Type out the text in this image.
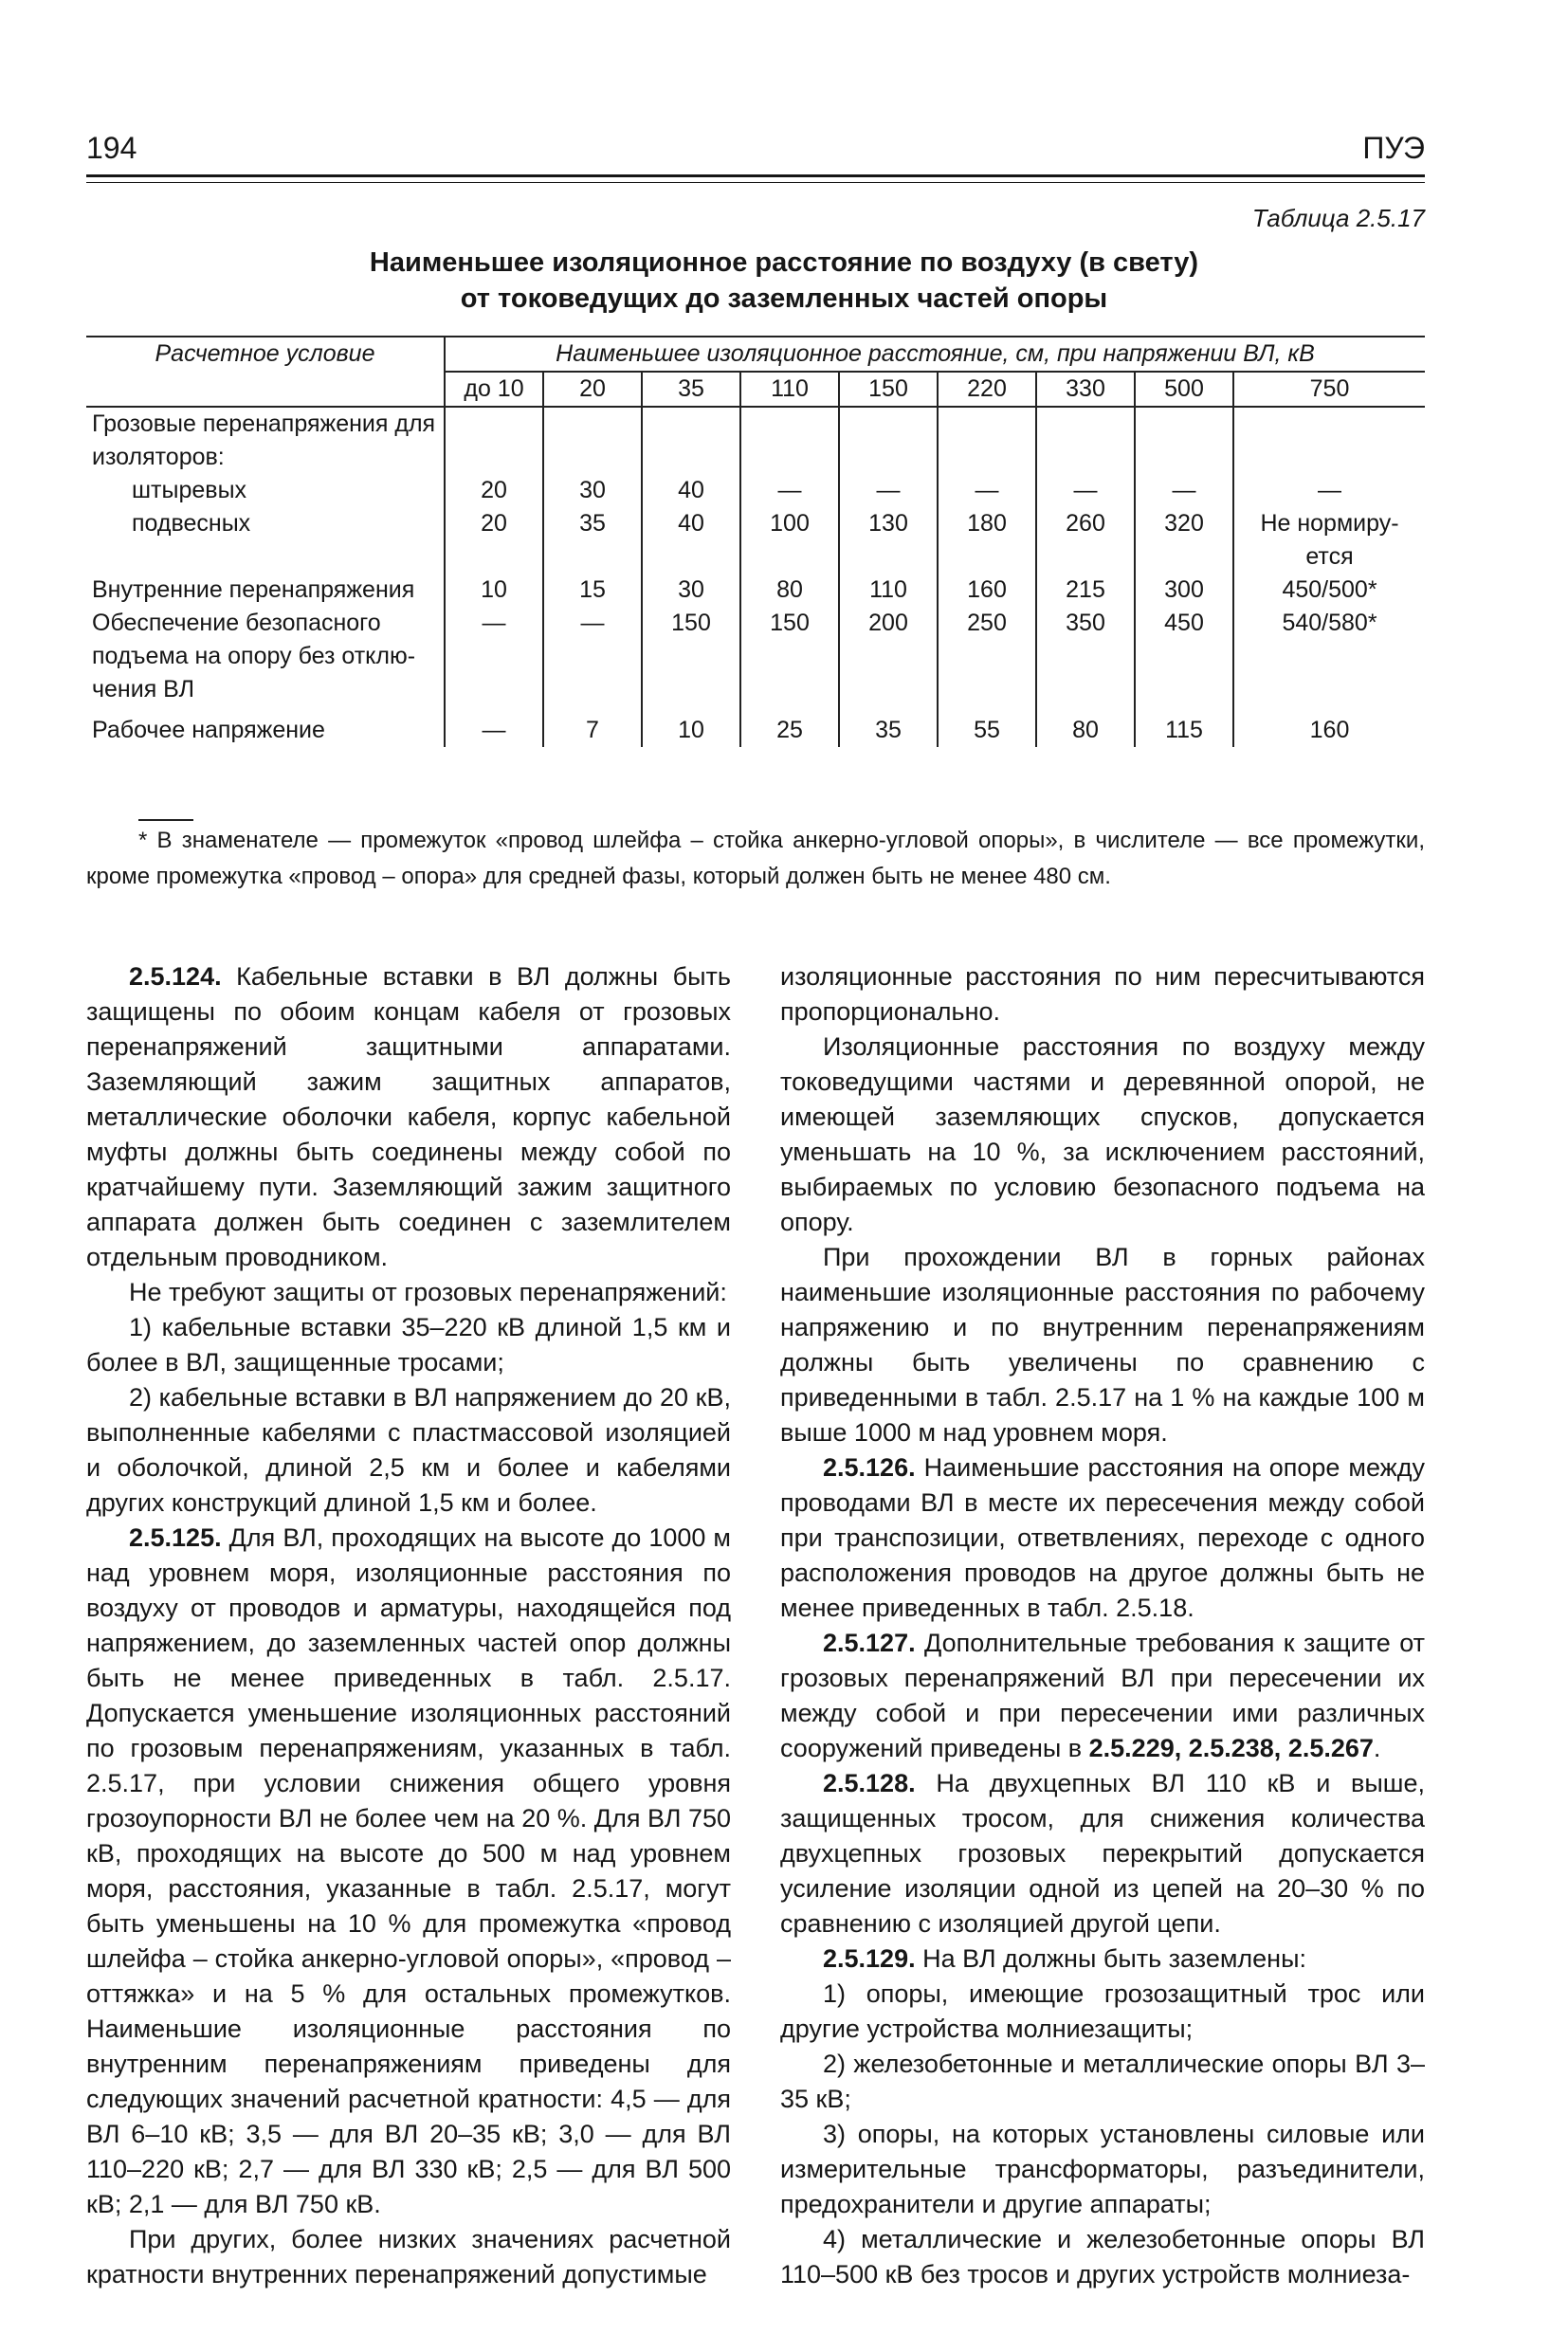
194	ПУЭ
Таблица 2.5.17
Наименьшее изоляционное расстояние по воздуху (в свету)
от токоведущих до заземленных частей опоры
Расчетное условие	Наименьшее изоляционное расстояние, см, при напряжении ВЛ, кВ								
	до 10	20	35	110	150	220	330	500	750
Грозовые перенапряжения для изоляторов:									
штыревых	20	30	40	—	—	—	—	—	—
подвесных	20	35	40	100	130	180	260	320	Не нормиру-ется
Внутренние перенапряжения	10	15	30	80	110	160	215	300	450/500*
Обеспечение безопасного подъема на опору без отклю-чения ВЛ	—	—	150	150	200	250	350	450	540/580*
Рабочее напряжение	—	7	10	25	35	55	80	115	160
* В знаменателе — промежуток «провод шлейфа – стойка анкерно-угловой опоры», в числителе — все промежутки, кроме промежутка «провод – опора» для средней фазы, который должен быть не менее 480 см.

2.5.124. Кабельные вставки в ВЛ должны быть защищены по обоим концам кабеля от грозовых перенапряжений защитными аппаратами. Заземляющий зажим защитных аппаратов, металлические оболочки кабеля, корпус кабельной муфты должны быть соединены между собой по кратчайшему пути. Заземляющий зажим защитного аппарата должен быть соединен с заземлителем отдельным проводником.

Не требуют защиты от грозовых перенапряжений:

1) кабельные вставки 35–220 кВ длиной 1,5 км и более в ВЛ, защищенные тросами;

2) кабельные вставки в ВЛ напряжением до 20 кВ, выполненные кабелями с пластмассовой изоляцией и оболочкой, длиной 2,5 км и более и кабелями других конструкций длиной 1,5 км и более.

2.5.125. Для ВЛ, проходящих на высоте до 1000 м над уровнем моря, изоляционные расстояния по воздуху от проводов и арматуры, находящейся под напряжением, до заземленных частей опор должны быть не менее приведенных в табл. 2.5.17. Допускается уменьшение изоляционных расстояний по грозовым перенапряжениям, указанных в табл. 2.5.17, при условии снижения общего уровня грозоупорности ВЛ не более чем на 20 %. Для ВЛ 750 кВ, проходящих на высоте до 500 м над уровнем моря, расстояния, указанные в табл. 2.5.17, могут быть уменьшены на 10 % для промежутка «провод шлейфа – стойка анкерно-угловой опоры», «провод – оттяжка» и на 5 % для остальных промежутков. Наименьшие изоляционные расстояния по внутренним перенапряжениям приведены для следующих значений расчетной кратности: 4,5 — для ВЛ 6–10 кВ; 3,5 — для ВЛ 20–35 кВ; 3,0 — для ВЛ 110–220 кВ; 2,7 — для ВЛ 330 кВ; 2,5 — для ВЛ 500 кВ; 2,1 — для ВЛ 750 кВ.

При других, более низких значениях расчетной кратности внутренних перенапряжений допустимые

изоляционные расстояния по ним пересчитываются пропорционально.

Изоляционные расстояния по воздуху между токоведущими частями и деревянной опорой, не имеющей заземляющих спусков, допускается уменьшать на 10 %, за исключением расстояний, выбираемых по условию безопасного подъема на опору.

При прохождении ВЛ в горных районах наименьшие изоляционные расстояния по рабочему напряжению и по внутренним перенапряжениям должны быть увеличены по сравнению с приведенными в табл. 2.5.17 на 1 % на каждые 100 м выше 1000 м над уровнем моря.

2.5.126. Наименьшие расстояния на опоре между проводами ВЛ в месте их пересечения между собой при транспозиции, ответвлениях, переходе с одного расположения проводов на другое должны быть не менее приведенных в табл. 2.5.18.

2.5.127. Дополнительные требования к защите от грозовых перенапряжений ВЛ при пересечении их между собой и при пересечении ими различных сооружений приведены в 2.5.229, 2.5.238, 2.5.267.

2.5.128. На двухцепных ВЛ 110 кВ и выше, защищенных тросом, для снижения количества двухцепных грозовых перекрытий допускается усиление изоляции одной из цепей на 20–30 % по сравнению с изоляцией другой цепи.

2.5.129. На ВЛ должны быть заземлены:

1) опоры, имеющие грозозащитный трос или другие устройства молниезащиты;

2) железобетонные и металлические опоры ВЛ 3–35 кВ;

3) опоры, на которых установлены силовые или измерительные трансформаторы, разъединители, предохранители и другие аппараты;

4) металлические и железобетонные опоры ВЛ 110–500 кВ без тросов и других устройств молниеза-
